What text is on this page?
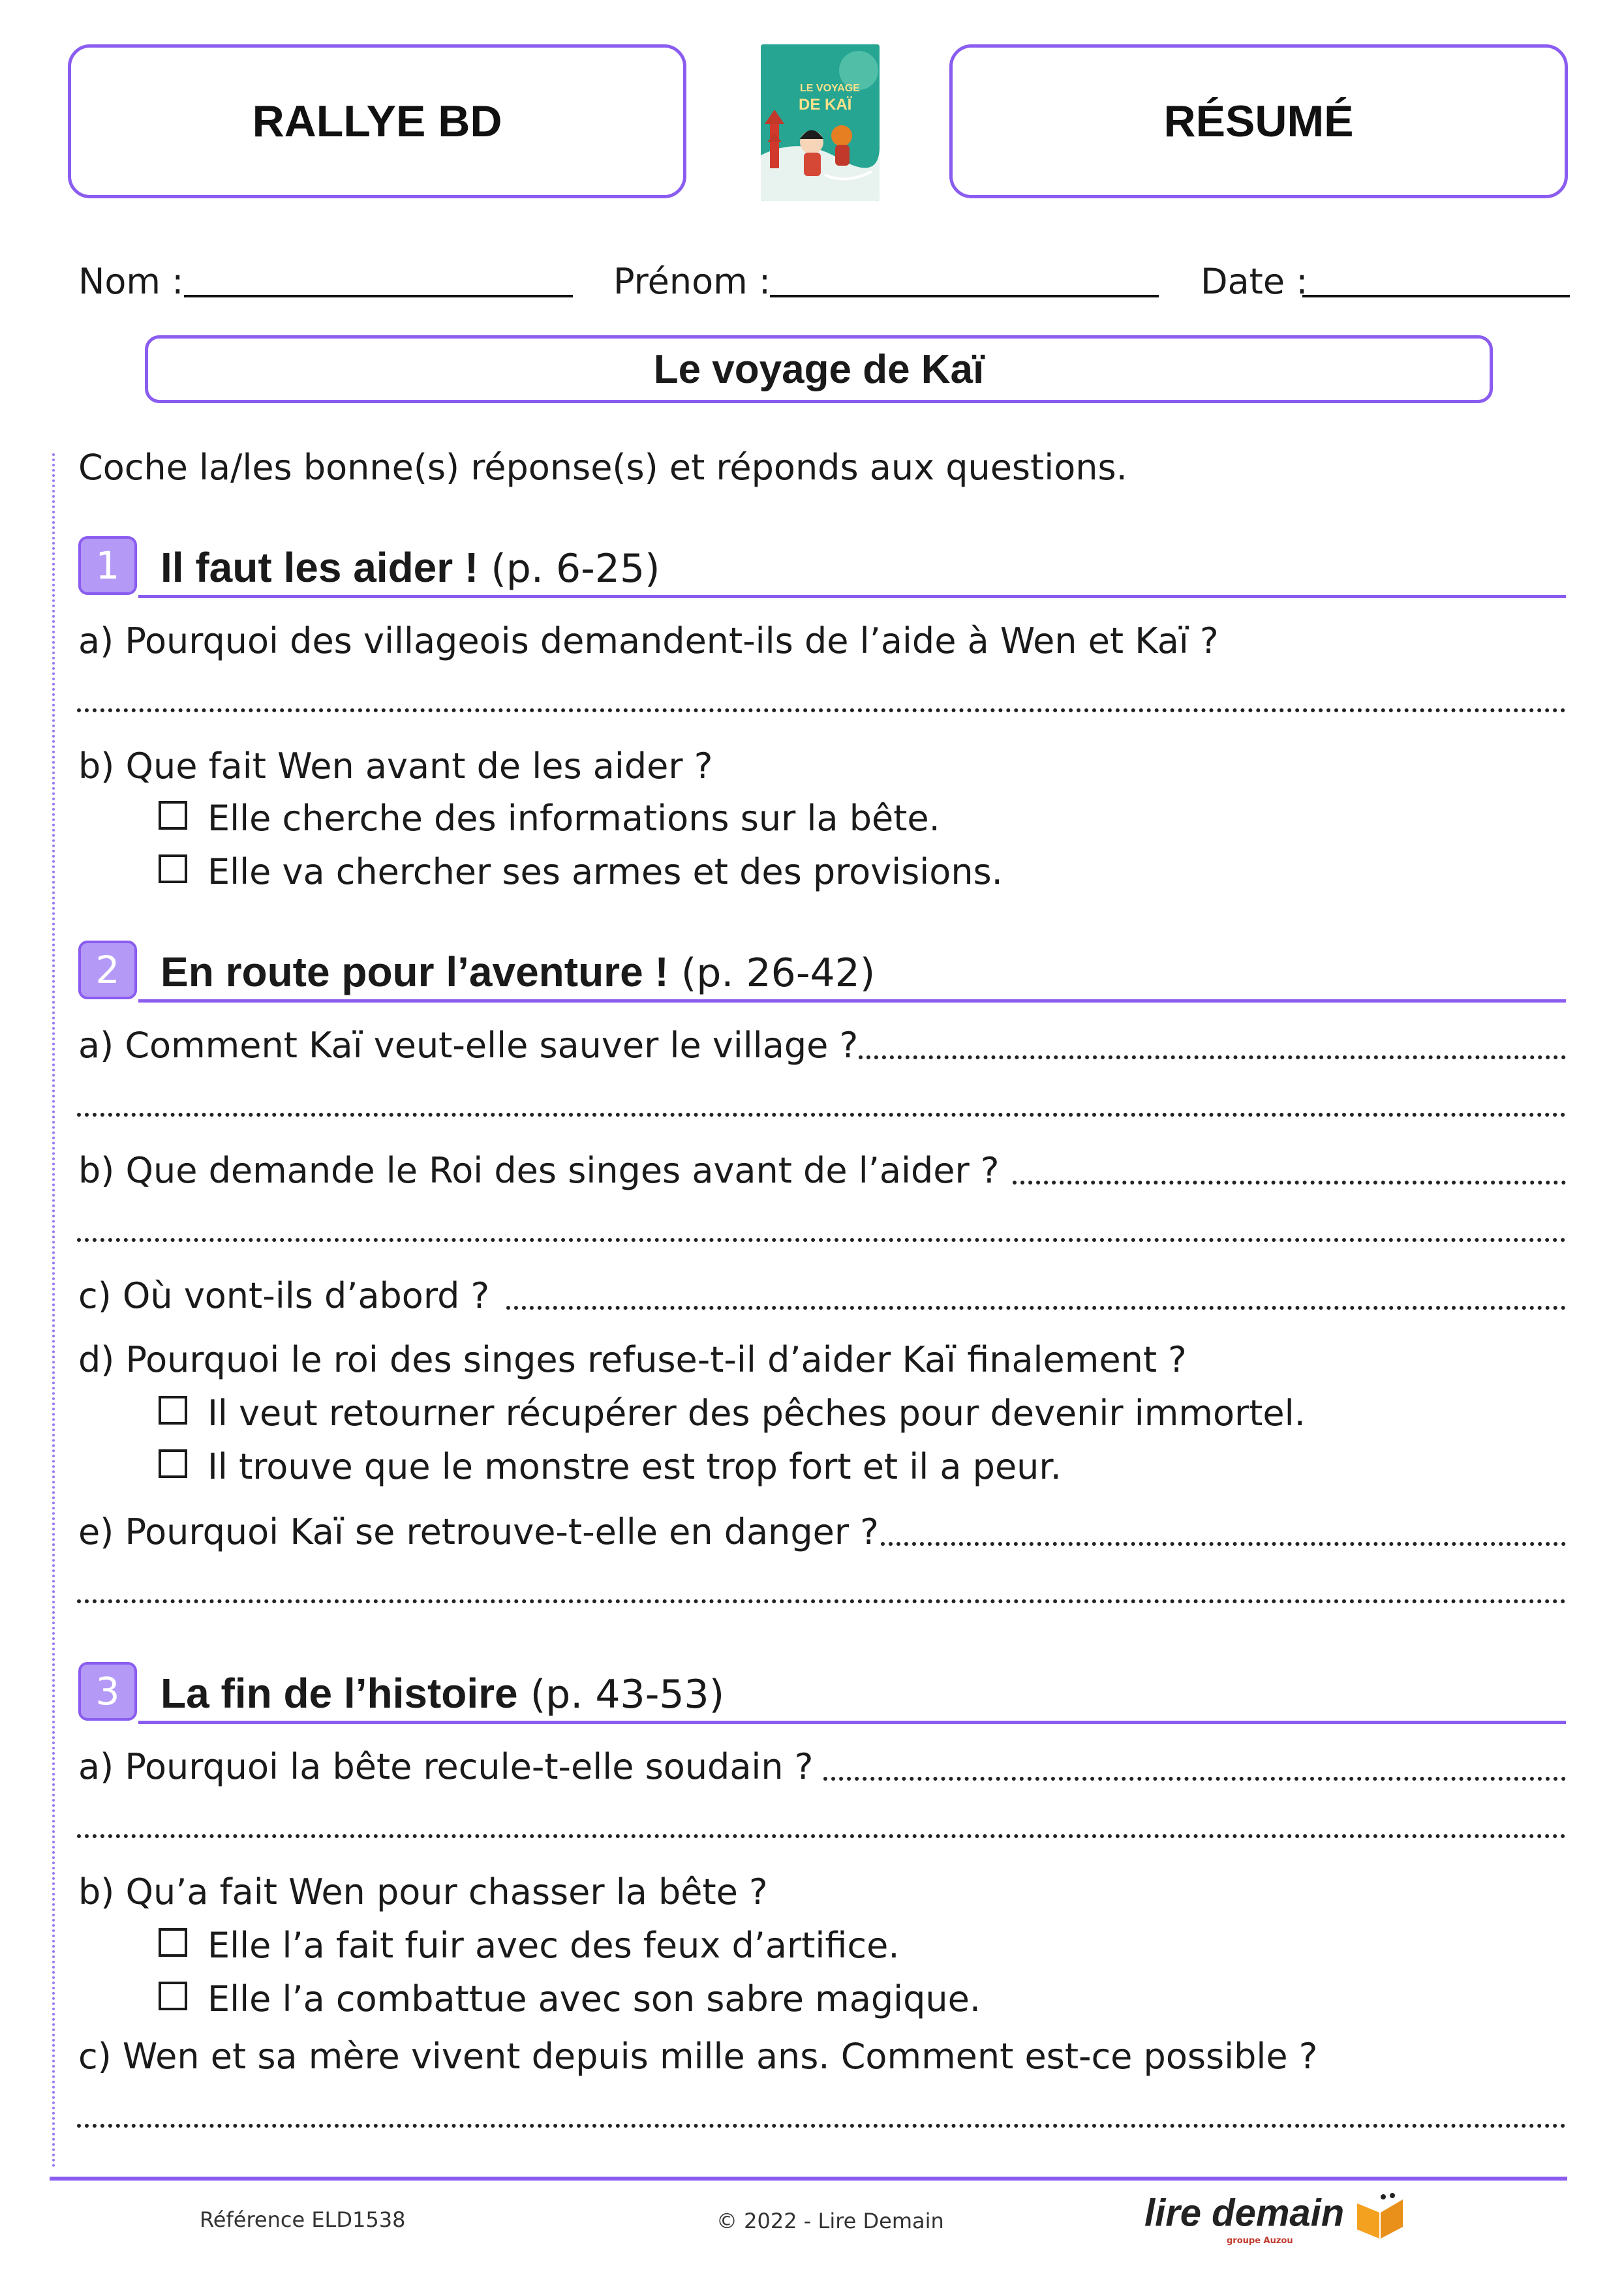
RALLYE BD	RÉSUMÉ
LE VOYAGE
DE KAÏ
Nom :	Prénom :	Date :
Le voyage de Kaï
Coche la/les bonne(s) réponse(s) et réponds aux questions.
1 Il faut les aider ! (p. 6-25)
a) Pourquoi des villageois demandent-ils de l’aide à Wen et Kaï ?
b) Que fait Wen avant de les aider ?
Elle cherche des informations sur la bête.
Elle va chercher ses armes et des provisions.
2 En route pour l’aventure ! (p. 26-42)
a) Comment Kaï veut-elle sauver le village ?
b) Que demande le Roi des singes avant de l’aider ?
c) Où vont-ils d’abord ?
d) Pourquoi le roi des singes refuse-t-il d’aider Kaï finalement ?
Il veut retourner récupérer des pêches pour devenir immortel.
Il trouve que le monstre est trop fort et il a peur.
e) Pourquoi Kaï se retrouve-t-elle en danger ?
3 La fin de l’histoire (p. 43-53)
a) Pourquoi la bête recule-t-elle soudain ?
b) Qu’a fait Wen pour chasser la bête ?
Elle l’a fait fuir avec des feux d’artifice.
Elle l’a combattue avec son sabre magique.
c) Wen et sa mère vivent depuis mille ans. Comment est-ce possible ?
Référence ELD1538	© 2022 - Lire Demain	lire demain
groupe Auzou
